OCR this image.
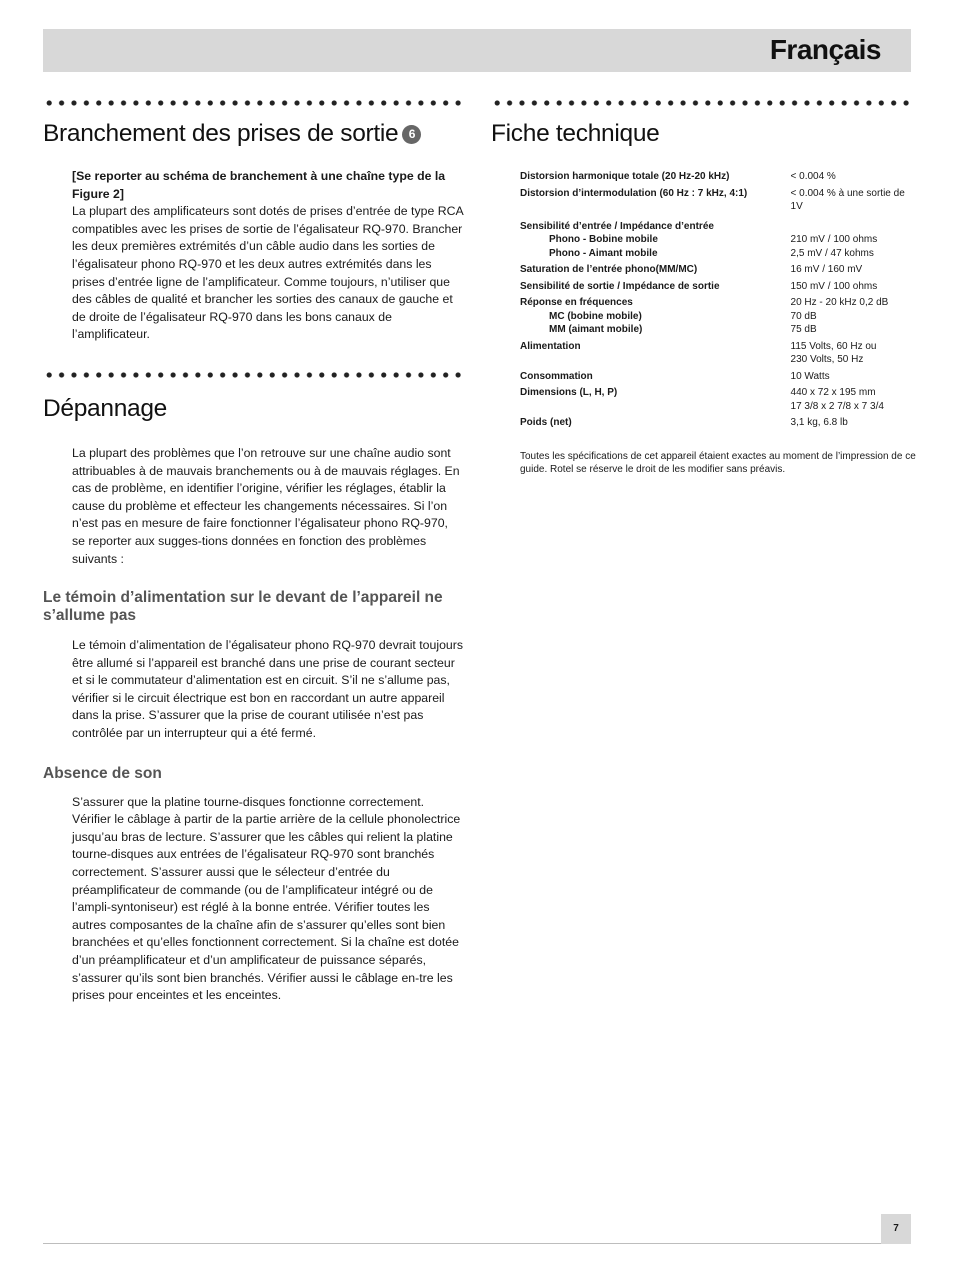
Français
Branchement des prises de sortie 6

[Se reporter au schéma de branchement à une chaîne type de la Figure 2]
La plupart des amplificateurs sont dotés de prises d’entrée de type RCA compatibles avec les prises de sortie de l’égalisateur RQ-970. Brancher les deux premières extrémités d’un câble audio dans les sorties de l’égalisateur phono RQ-970 et les deux autres extrémités dans les prises d’entrée ligne de l’amplificateur. Comme toujours, n’utiliser que des câbles de qualité et brancher les sorties des canaux de gauche et de droite de l’égalisateur RQ-970 dans les bons canaux de l’amplificateur.

Dépannage

La plupart des problèmes que l’on retrouve sur une chaîne audio sont attribuables à de mauvais branchements ou à de mauvais réglages. En cas de problème, en identifier l’origine, vérifier les réglages, établir la cause du problème et effecteur les changements nécessaires. Si l’on n’est pas en mesure de faire fonctionner l’égalisateur phono RQ-970, se reporter aux sugges-tions données en fonction des problèmes suivants :

Le témoin d’alimentation sur le devant de l’appareil ne s’allume pas

Le témoin d’alimentation de l’égalisateur phono RQ-970 devrait toujours être allumé si l’appareil est branché dans une prise de courant secteur et si le commutateur d’alimentation est en circuit. S’il ne s’allume pas, vérifier si le circuit électrique est bon en raccordant un autre appareil dans la prise. S’assurer que la prise de courant utilisée n’est pas contrôlée par un interrupteur qui a été fermé.

Absence de son

S’assurer que la platine tourne-disques fonctionne correctement. Vérifier le câblage à partir de la partie arrière de la cellule phonolectrice jusqu’au bras de lecture. S’assurer que les câbles qui relient la platine tourne-disques aux entrées de l’égalisateur RQ-970 sont branchés correctement. S’assurer aussi que le sélecteur d’entrée du préamplificateur de commande (ou de l’amplificateur intégré ou de l’ampli-syntoniseur) est réglé à la bonne entrée. Vérifier toutes les autres composantes de la chaîne afin de s’assurer qu’elles sont bien branchées et qu’elles fonctionnent correctement. Si la chaîne est dotée d’un préamplificateur et d’un amplificateur de puissance séparés, s’assurer qu’ils sont bien branchés. Vérifier aussi le câblage en-tre les prises pour enceintes et les enceintes.

Fiche technique
Distorsion harmonique totale (20 Hz-20 kHz)	< 0.004 %

Distorsion d’intermodulation (60 Hz : 7 kHz, 4:1)	< 0.004 % à une sortie de 1V

Sensibilité d’entrée / Impédance d’entrée	
Phono - Bobine mobile	210 mV / 100 ohms
Phono - Aimant mobile	2,5 mV / 47 kohms

Saturation de l’entrée phono(MM/MC)	16 mV / 160 mV

Sensibilité de sortie / Impédance de sortie	150 mV / 100 ohms

Réponse en fréquences	20 Hz - 20 kHz 0,2 dB
MC (bobine mobile)	70 dB
MM (aimant mobile)	75 dB

Alimentation	115 Volts, 60 Hz ou
	230 Volts, 50 Hz

Consommation	10 Watts

Dimensions (L, H, P)	440 x 72 x 195 mm
	17 3/8 x 2 7/8 x 7 3/4

Poids (net)	3,1 kg, 6.8 lb

Toutes les spécifications de cet appareil étaient exactes au moment de l’impression de ce guide. Rotel se réserve le droit de les modifier sans préavis.

7
